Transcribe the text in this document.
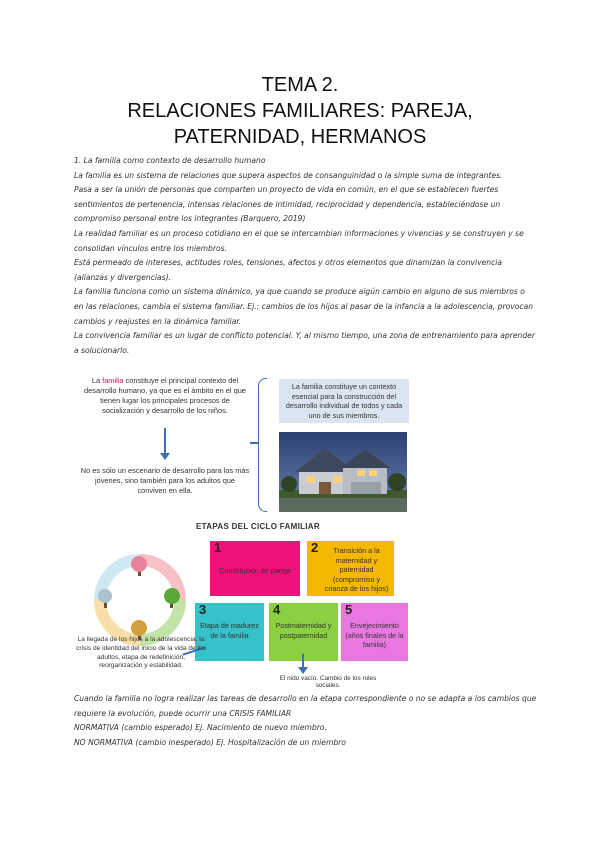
TEMA 2.
RELACIONES FAMILIARES: PAREJA,
PATERNIDAD, HERMANOS

1. La familia como contexto de desarrollo humano

La familia es un sistema de relaciones que supera aspectos de consanguinidad o la simple suma de integrantes.

Pasa a ser la unión de personas que comparten un proyecto de vida en común, en el que se establecen fuertes sentimientos de pertenencia, intensas relaciones de intimidad, reciprocidad y dependencia, estableciéndose un compromiso personal entre los integrantes (Barquero, 2019)

La realidad familiar es un proceso cotidiano en el que se intercambian informaciones y vivencias y se construyen y se consolidan vínculos entre los miembros.

Está permeado de intereses, actitudes roles, tensiones, afectos y otros elementos que dinamizan la convivencia (alianzas y divergencias).

La familia funciona como un sistema dinámico, ya que cuando se produce algún cambio en alguno de sus miembros o en las relaciones, cambia el sistema familiar. Ej.: cambios de los hijos al pasar de la infancia a la adolescencia, provocan cambios y reajustes en la dinámica familiar.

La convivencia familiar es un lugar de conflicto potencial. Y, al mismo tiempo, una zona de entrenamiento para aprender a solucionarlo.

La familia constituye el principal contexto del desarrollo humano, ya que es el ámbito en el que tienen lugar los principales procesos de socialización y desarrollo de los niños.
No es sólo un escenario de desarrollo para los más jóvenes, sino también para los adultos que conviven en ella.
La familia constituye un contexto esencial para la construcción del desarrollo individual de todos y cada uno de sus miembros.
ETAPAS DEL CICLO FAMILIAR
1
Constitución de pareja
2	Transición a la maternidad y paternidad (compromiso y crianza de los hijos)
3
Etapa de madurez de la familia
4
Postmaternidad y postpaternidad
5
Envejecimiento (años finales de la familia)
La llegada de los hijos a la adolescencia, la crisis de identidad del inicio de la vida de los adultos, etapa de redefinición, reorganización y estabilidad.
El nido vacío. Cambio de los roles sociales.

Cuando la familia no logra realizar las tareas de desarrollo en la etapa correspondiente o no se adapta a los cambios que requiere la evolución, puede ocurrir una CRISIS FAMILIAR

NORMATIVA (cambio esperado) Ej. Nacimiento de nuevo miembro.

NO NORMATIVA (cambio inesperado) Ej. Hospitalización de un miembro
